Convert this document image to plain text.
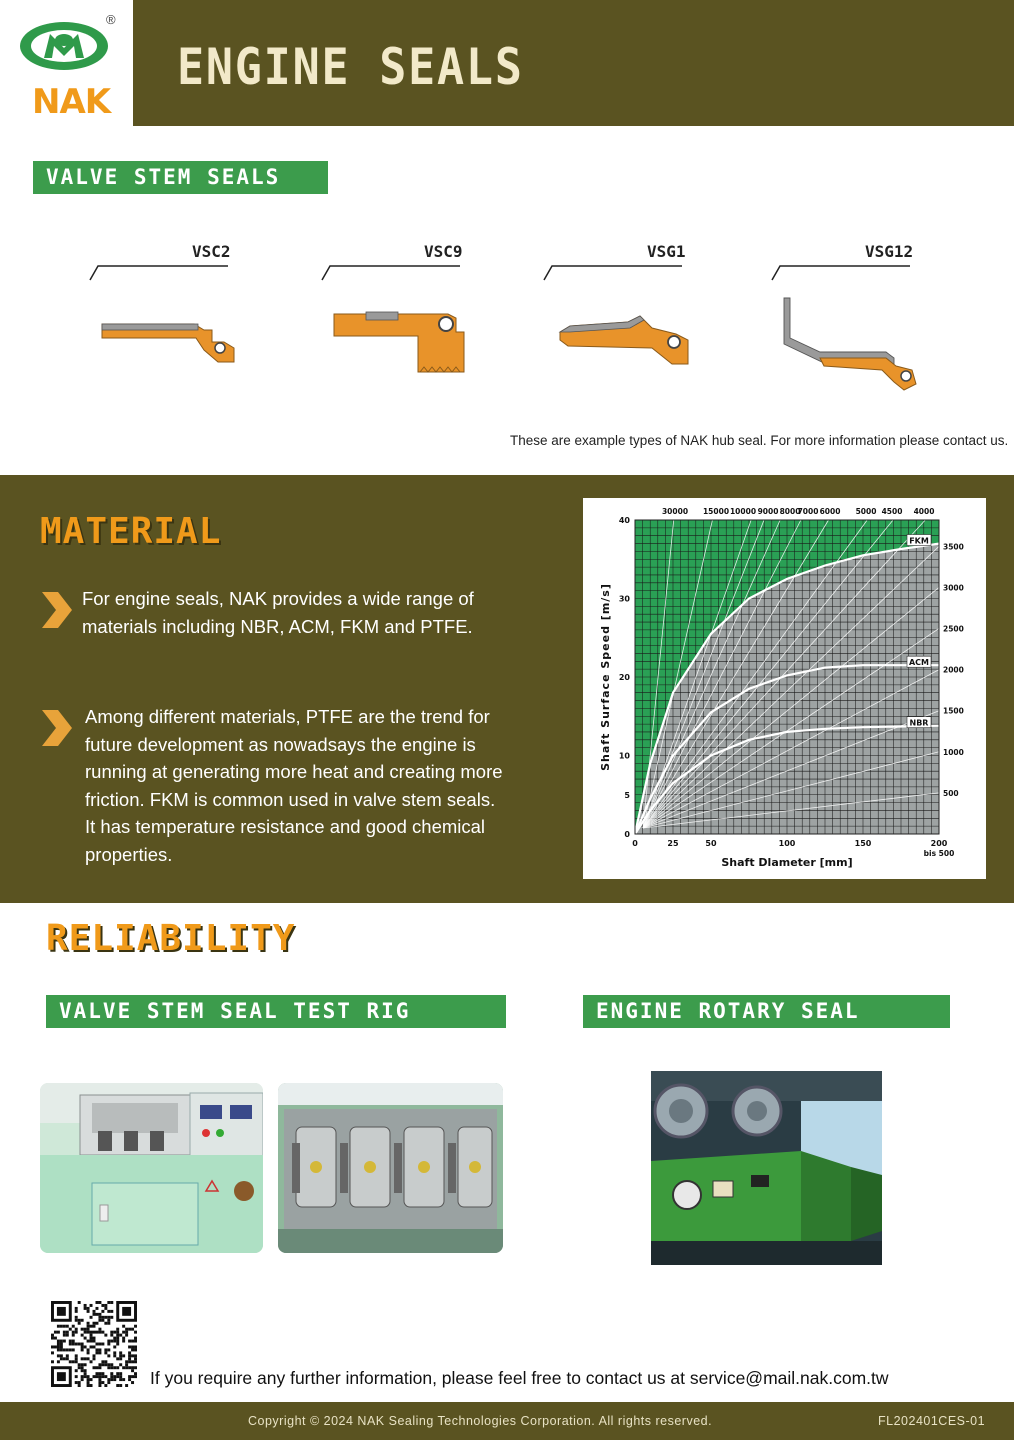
®
NAK
ENGINE SEALS
VALVE STEM SEALS
VSC2	VSC9	VSG1	VSG12
These are example types of NAK hub seal. For more information please contact us.
MATERIAL
For engine seals, NAK provides a wide range of
materials including NBR, ACM, FKM and PTFE.
Among different materials, PTFE are the trend for
future development as nowadsays the engine is
running at generating more heat and creating more
friction. FKM is common used in valve stem seals.
It has temperature resistance and good chemical
properties.
FKM
ACM
NBR
0
5
10
20
30
40
0	25	50	100	150	200
bis 500
30000 15000 10000 9000 8000
7000 6000 5000 4500 4000
3500
3000
2500
2000
1500
1000
500
Shaft Dlameter [mm]
Shaft Surface Speed [m/s]
RELIABILITY
VALVE STEM SEAL TEST RIG	ENGINE ROTARY SEAL
If you require any further information, please feel free to contact us at service@mail.nak.com.tw
Copyright © 2024 NAK Sealing Technologies Corporation. All rights reserved.	FL202401CES-01
